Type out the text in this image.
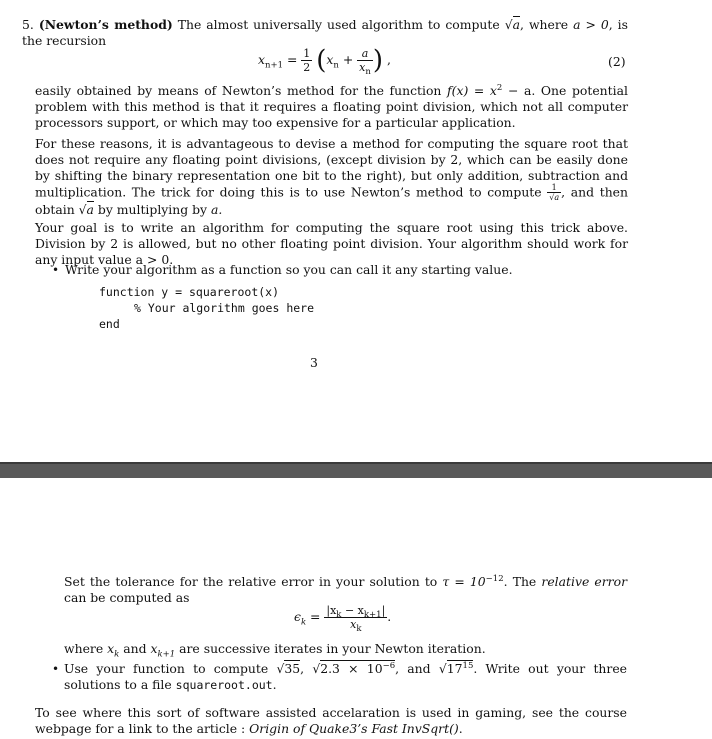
5. (Newton’s method) The almost universally used algorithm to compute √a, where a > 0, is the recursion
$x_{n+1} = \frac{1}{2} (x_n + \frac{a}{x_n}$ ) ,	(2)
easily obtained by means of Newton’s method for the function $f(x) = x^2 - a$. One potential problem with this method is that it requires a floating point division, which not all computer processors support, or which may too expensive for a particular application.
For these reasons, it is advantageous to devise a method for computing the square root that does not require any floating point divisions, (except division by 2, which can be easily done by shifting the binary representation one bit to the right), but only addition, subtraction and multiplication. The trick for doing this is to use Newton’s method to compute $\frac{1}{√a}$ , and then obtain √a by multiplying by a.
Your goal is to write an algorithm for computing the square root using this trick above. Division by 2 is allowed, but no other floating point division. Your algorithm should work for any input value a > 0.
• Write your algorithm as a function so you can call it any starting value.
function y = squareroot(x)
% Your algorithm goes here
end
3
Set the tolerance for the relative error in your solution to $\tau = 10^{-12}$. The relative error can be computed as
$\epsilon_k = \frac{|x_k - x_{k+1}|}{x_k}$ .
where $x_k$ and $x_{k+1}$ are successive iterates in your Newton iteration.
• Use your function to compute √35, $√2.3 \times 10^{-6}$, and $√17^{15}$. Write out your three solutions to a file squareroot.out.
To see where this sort of software assisted accelaration is used in gaming, see the course webpage for a link to the article : Origin of Quake3’s Fast InvSqrt().
